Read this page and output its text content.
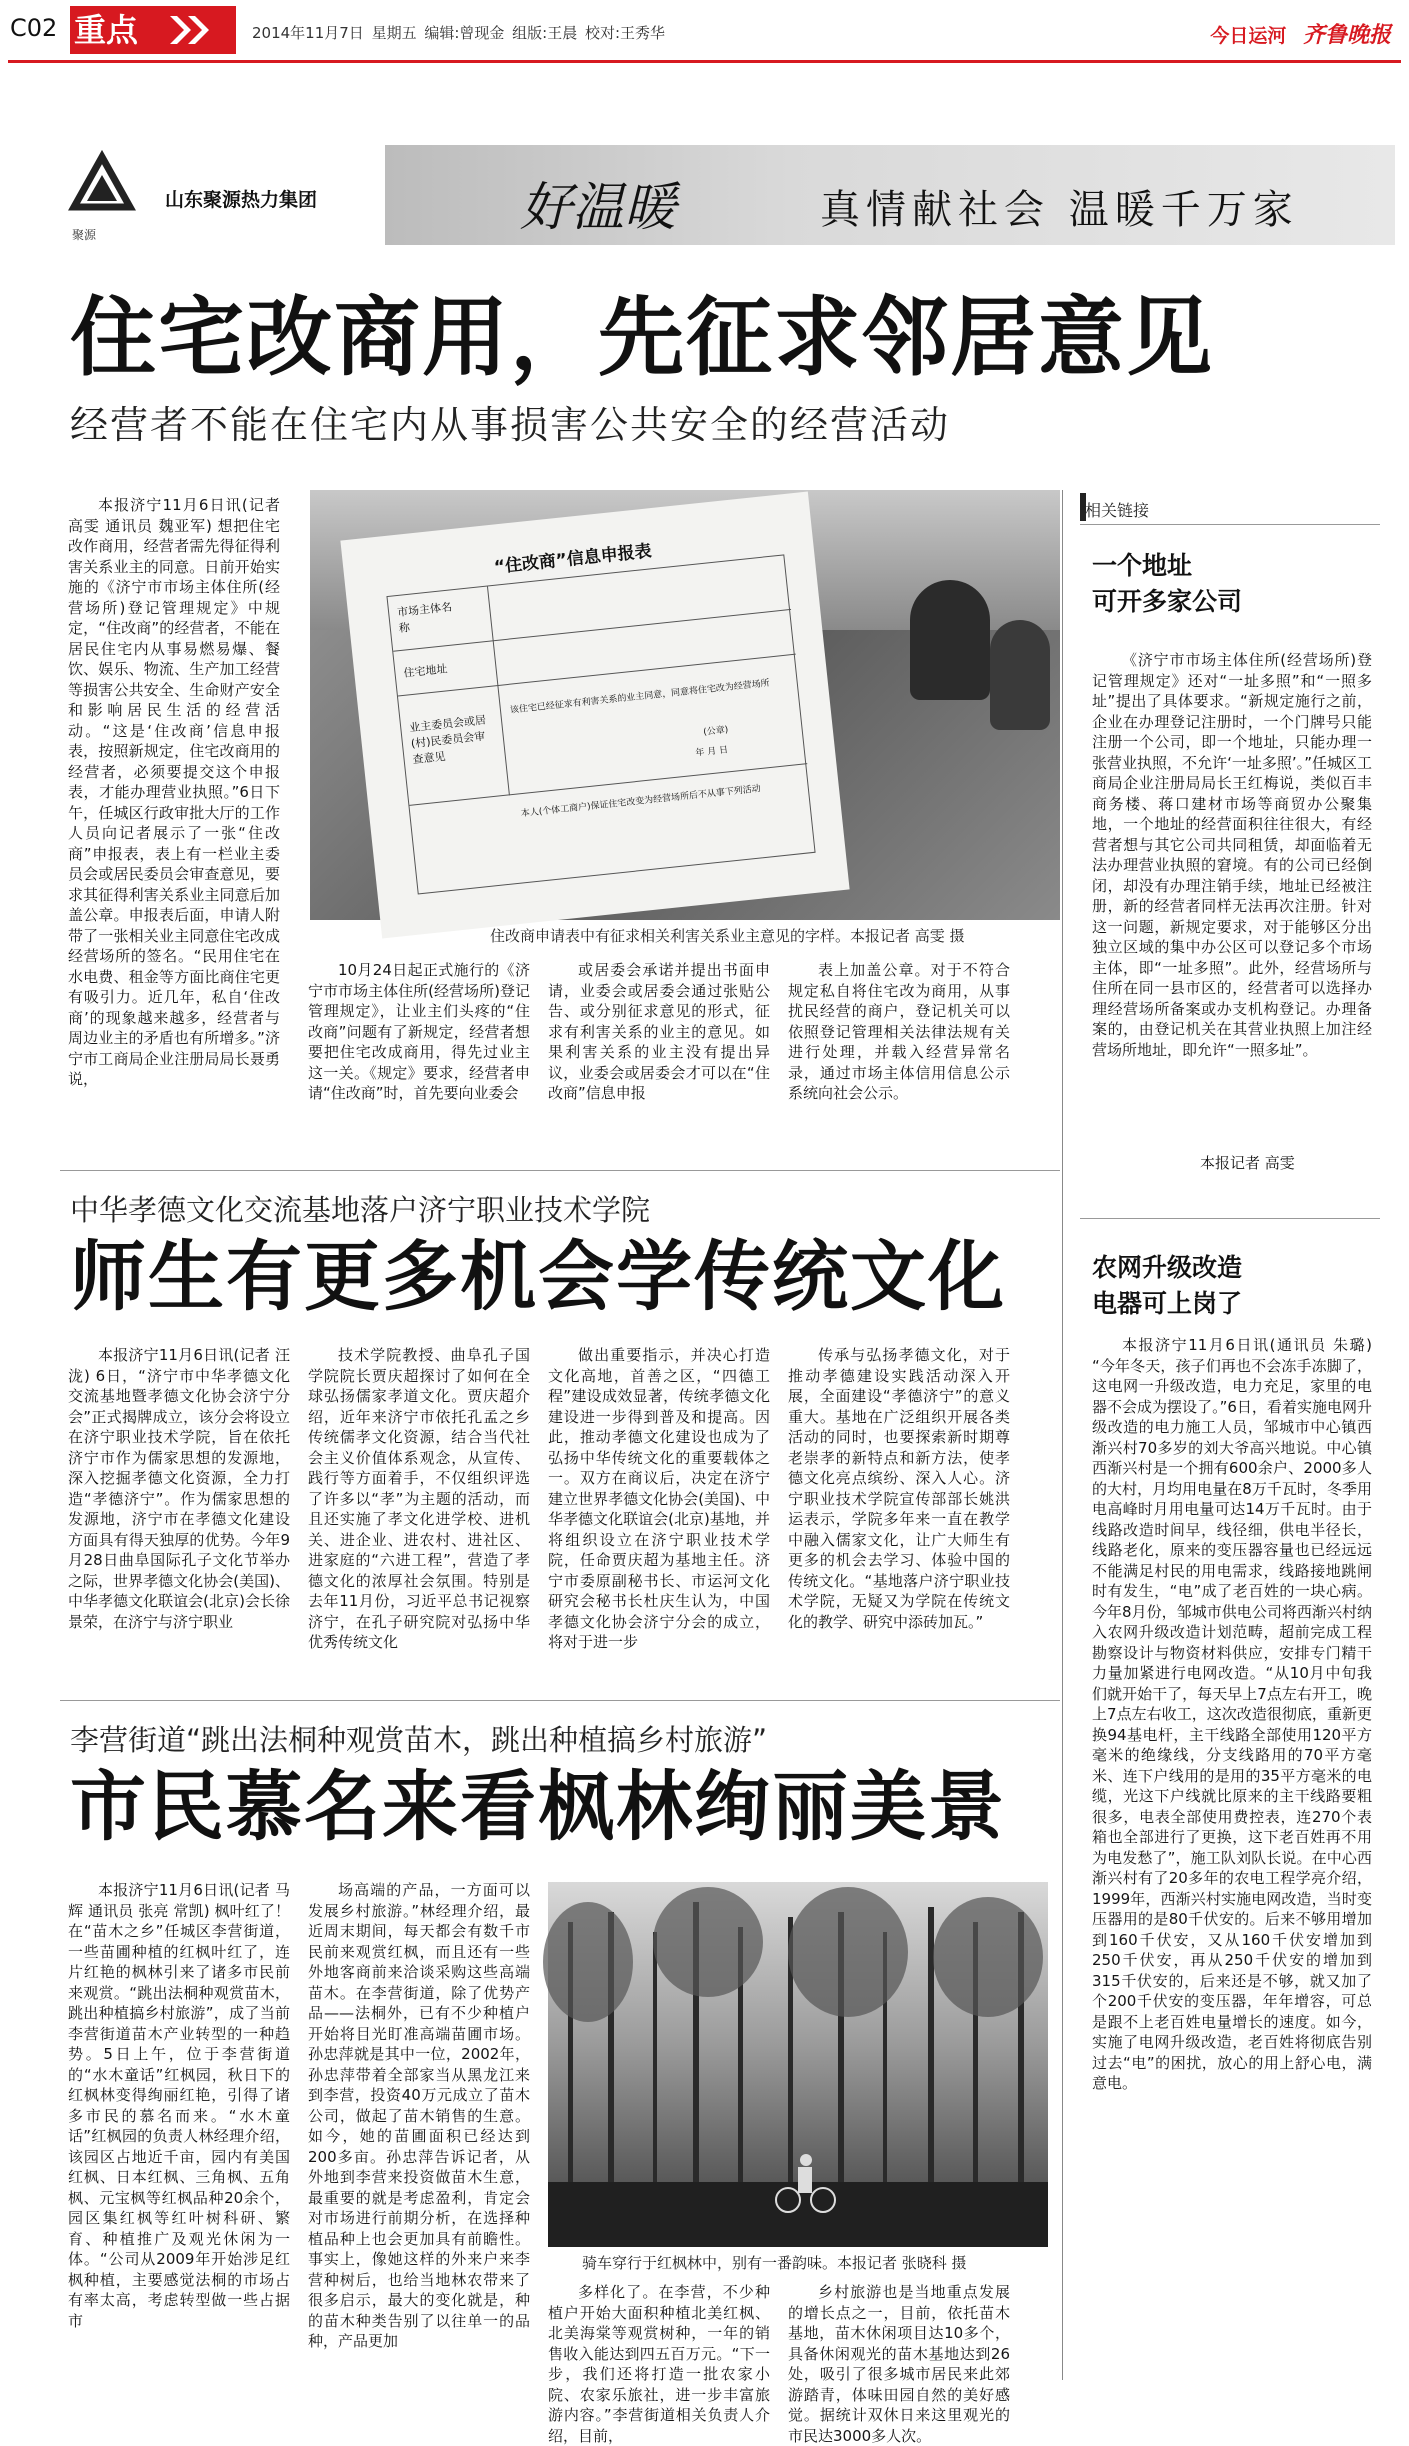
C02 重点	2014年11月7日 星期五 编辑:曾现金 组版:王晨 校对:王秀华	今日运河 齐鲁晚报
聚源
山东聚源热力集团	好温暖	真情献社会 温暖千万家
住宅改商用，先征求邻居意见
经营者不能在住宅内从事损害公共安全的经营活动

本报济宁11月6日讯(记者 高雯 通讯员 魏亚军) 想把住宅改作商用，经营者需先得征得利害关系业主的同意。日前开始实施的《济宁市市场主体住所(经营场所)登记管理规定》中规定，“住改商”的经营者，不能在居民住宅内从事易燃易爆、餐饮、娱乐、物流、生产加工经营等损害公共安全、生命财产安全和影响居民生活的经营活动。“这是‘住改商’信息申报表，按照新规定，住宅改商用的经营者，必须要提交这个申报表，才能办理营业执照。”6日下午，任城区行政审批大厅的工作人员向记者展示了一张“住改商”申报表，表上有一栏业主委员会或居民委员会审查意见，要求其征得利害关系业主同意后加盖公章。申报表后面，申请人附带了一张相关业主同意住宅改成经营场所的签名。“民用住宅在水电费、租金等方面比商住宅更有吸引力。近几年，私自‘住改商’的现象越来越多，经营者与周边业主的矛盾也有所增多。”济宁市工商局企业注册局局长聂勇说，

“住改商”信息申报表
市场主体名称
住宅地址
业主委员会或居(村)民委员会审查意见
该住宅已经征求有利害关系的业主同意，同意将住宅改为经营场所
(公章)
年 月 日
本人(个体工商户)保证住宅改变为经营场所后不从事下列活动
住改商申请表中有征求相关利害关系业主意见的字样。本报记者 高雯 摄

10月24日起正式施行的《济宁市市场主体住所(经营场所)登记管理规定》，让业主们头疼的“住改商”问题有了新规定，经营者想要把住宅改成商用，得先过业主这一关。《规定》要求，经营者申请“住改商”时，首先要向业委会

或居委会承诺并提出书面申请，业委会或居委会通过张贴公告、或分别征求意见的形式，征求有利害关系的业主的意见。如果利害关系的业主没有提出异议，业委会或居委会才可以在“住改商”信息申报

表上加盖公章。对于不符合规定私自将住宅改为商用，从事扰民经营的商户，登记机关可以依照登记管理相关法律法规有关进行处理，并载入经营异常名录，通过市场主体信用信息公示系统向社会公示。

相关链接
一个地址
可开多家公司

《济宁市市场主体住所(经营场所)登记管理规定》还对“一址多照”和“一照多址”提出了具体要求。“新规定施行之前，企业在办理登记注册时，一个门牌号只能注册一个公司，即一个地址，只能办理一张营业执照，不允许‘一址多照’。”任城区工商局企业注册局局长王红梅说，类似百丰商务楼、蒋口建材市场等商贸办公聚集地，一个地址的经营面积往往很大，有经营者想与其它公司共同租赁，却面临着无法办理营业执照的窘境。有的公司已经倒闭，却没有办理注销手续，地址已经被注册，新的经营者同样无法再次注册。针对这一问题，新规定要求，对于能够区分出独立区域的集中办公区可以登记多个市场主体，即“一址多照”。此外，经营场所与住所在同一县市区的，经营者可以选择办理经营场所备案或办支机构登记。办理备案的，由登记机关在其营业执照上加注经营场所地址，即允许“一照多址”。

本报记者 高雯
农网升级改造
电器可上岗了

本报济宁11月6日讯(通讯员 朱璐) “今年冬天，孩子们再也不会冻手冻脚了，这电网一升级改造，电力充足，家里的电器不会成为摆设了。”6日，看着实施电网升级改造的电力施工人员，邹城市中心镇西渐兴村70多岁的刘大爷高兴地说。中心镇西渐兴村是一个拥有600余户、2000多人的大村，月均用电量在8万千瓦时，冬季用电高峰时月用电量可达14万千瓦时。由于线路改造时间早，线径细，供电半径长，线路老化，原来的变压器容量也已经远远不能满足村民的用电需求，线路接地跳闸时有发生，“电”成了老百姓的一块心病。今年8月份，邹城市供电公司将西渐兴村纳入农网升级改造计划范畴，超前完成工程勘察设计与物资材料供应，安排专门精干力量加紧进行电网改造。“从10月中旬我们就开始干了，每天早上7点左右开工，晚上7点左右收工，这次改造很彻底，重新更换94基电杆，主干线路全部使用120平方毫米的绝缘线，分支线路用的70平方毫米、连下户线用的是用的35平方毫米的电缆，光这下户线就比原来的主干线路要粗很多，电表全部使用费控表，连270个表箱也全部进行了更换，这下老百姓再不用为电发愁了”，施工队刘队长说。在中心西渐兴村有了20多年的农电工程学亮介绍，1999年，西渐兴村实施电网改造，当时变压器用的是80千伏安的。后来不够用增加到160千伏安，又从160千伏安增加到250千伏安，再从250千伏安的增加到315千伏安的，后来还是不够，就又加了个200千伏安的变压器，年年增容，可总是跟不上老百姓电量增长的速度。如今，实施了电网升级改造，老百姓将彻底告别过去“电”的困扰，放心的用上舒心电，满意电。

中华孝德文化交流基地落户济宁职业技术学院
师生有更多机会学传统文化

本报济宁11月6日讯(记者 汪泷) 6日，“济宁市中华孝德文化交流基地暨孝德文化协会济宁分会”正式揭牌成立，该分会将设立在济宁职业技术学院，旨在依托济宁市作为儒家思想的发源地，深入挖掘孝德文化资源，全力打造“孝德济宁”。作为儒家思想的发源地，济宁市在孝德文化建设方面具有得天独厚的优势。今年9月28日曲阜国际孔子文化节举办之际，世界孝德文化协会(美国)、中华孝德文化联谊会(北京)会长徐景荣，在济宁与济宁职业

技术学院教授、曲阜孔子国学院院长贾庆超探讨了如何在全球弘扬儒家孝道文化。贾庆超介绍，近年来济宁市依托孔孟之乡传统儒孝文化资源，结合当代社会主义价值体系观念，从宣传、践行等方面着手，不仅组织评选了许多以“孝”为主题的活动，而且还实施了孝文化进学校、进机关、进企业、进农村、进社区、进家庭的“六进工程”，营造了孝德文化的浓厚社会氛围。特别是去年11月份，习近平总书记视察济宁，在孔子研究院对弘扬中华优秀传统文化

做出重要指示，并决心打造文化高地，首善之区，“四德工程”建设成效显著，传统孝德文化建设进一步得到普及和提高。因此，推动孝德文化建设也成为了弘扬中华传统文化的重要载体之一。双方在商议后，决定在济宁建立世界孝德文化协会(美国)、中华孝德文化联谊会(北京)基地，并将组织设立在济宁职业技术学院，任命贾庆超为基地主任。济宁市委原副秘书长、市运河文化研究会秘书长杜庆生认为，中国孝德文化协会济宁分会的成立，将对于进一步

传承与弘扬孝德文化，对于推动孝德建设实践活动深入开展，全面建设“孝德济宁”的意义重大。基地在广泛组织开展各类活动的同时，也要探索新时期尊老崇孝的新特点和新方法，使孝德文化亮点缤纷、深入人心。济宁职业技术学院宣传部部长姚洪运表示，学院多年来一直在教学中融入儒家文化，让广大师生有更多的机会去学习、体验中国的传统文化。“基地落户济宁职业技术学院，无疑又为学院在传统文化的教学、研究中添砖加瓦。”

李营街道“跳出法桐种观赏苗木，跳出种植搞乡村旅游”
市民慕名来看枫林绚丽美景

本报济宁11月6日讯(记者 马辉 通讯员 张亮 常凯) 枫叶红了！在“苗木之乡”任城区李营街道，一些苗圃种植的红枫叶红了，连片红艳的枫林引来了诸多市民前来观赏。“跳出法桐种观赏苗木，跳出种植搞乡村旅游”，成了当前李营街道苗木产业转型的一种趋势。5日上午，位于李营街道的“水木童话”红枫园，秋日下的红枫林变得绚丽红艳，引得了诸多市民的慕名而来。“水木童话”红枫园的负责人林经理介绍，该园区占地近千亩，园内有美国红枫、日本红枫、三角枫、五角枫、元宝枫等红枫品种20余个，园区集红枫等红叶树科研、繁育、种植推广及观光休闲为一体。“公司从2009年开始涉足红枫种植，主要感觉法桐的市场占有率太高，考虑转型做一些占据市

场高端的产品，一方面可以发展乡村旅游。”林经理介绍，最近周末期间，每天都会有数千市民前来观赏红枫，而且还有一些外地客商前来洽谈采购这些高端苗木。在李营街道，除了优势产品——法桐外，已有不少种植户开始将目光盯准高端苗圃市场。孙忠萍就是其中一位，2002年，孙忠萍带着全部家当从黑龙江来到李营，投资40万元成立了苗木公司，做起了苗木销售的生意。如今，她的苗圃面积已经达到200多亩。孙忠萍告诉记者，从外地到李营来投资做苗木生意，最重要的就是考虑盈利，肯定会对市场进行前期分析，在选择种植品种上也会更加具有前瞻性。事实上，像她这样的外来户来李营种树后，也给当地林农带来了很多启示，最大的变化就是，种的苗木种类告别了以往单一的品种，产品更加

骑车穿行于红枫林中，别有一番韵味。本报记者 张晓科 摄

多样化了。在李营，不少种植户开始大面积种植北美红枫、北美海棠等观赏树种，一年的销售收入能达到四五百万元。“下一步，我们还将打造一批农家小院、农家乐旅社，进一步丰富旅游内容。”李营街道相关负责人介绍，目前，

乡村旅游也是当地重点发展的增长点之一，目前，依托苗木基地，苗木休闲项目达10多个，具备休闲观光的苗木基地达到26处，吸引了很多城市居民来此郊游踏青，体味田园自然的美好感觉。据统计双休日来这里观光的市民达3000多人次。
